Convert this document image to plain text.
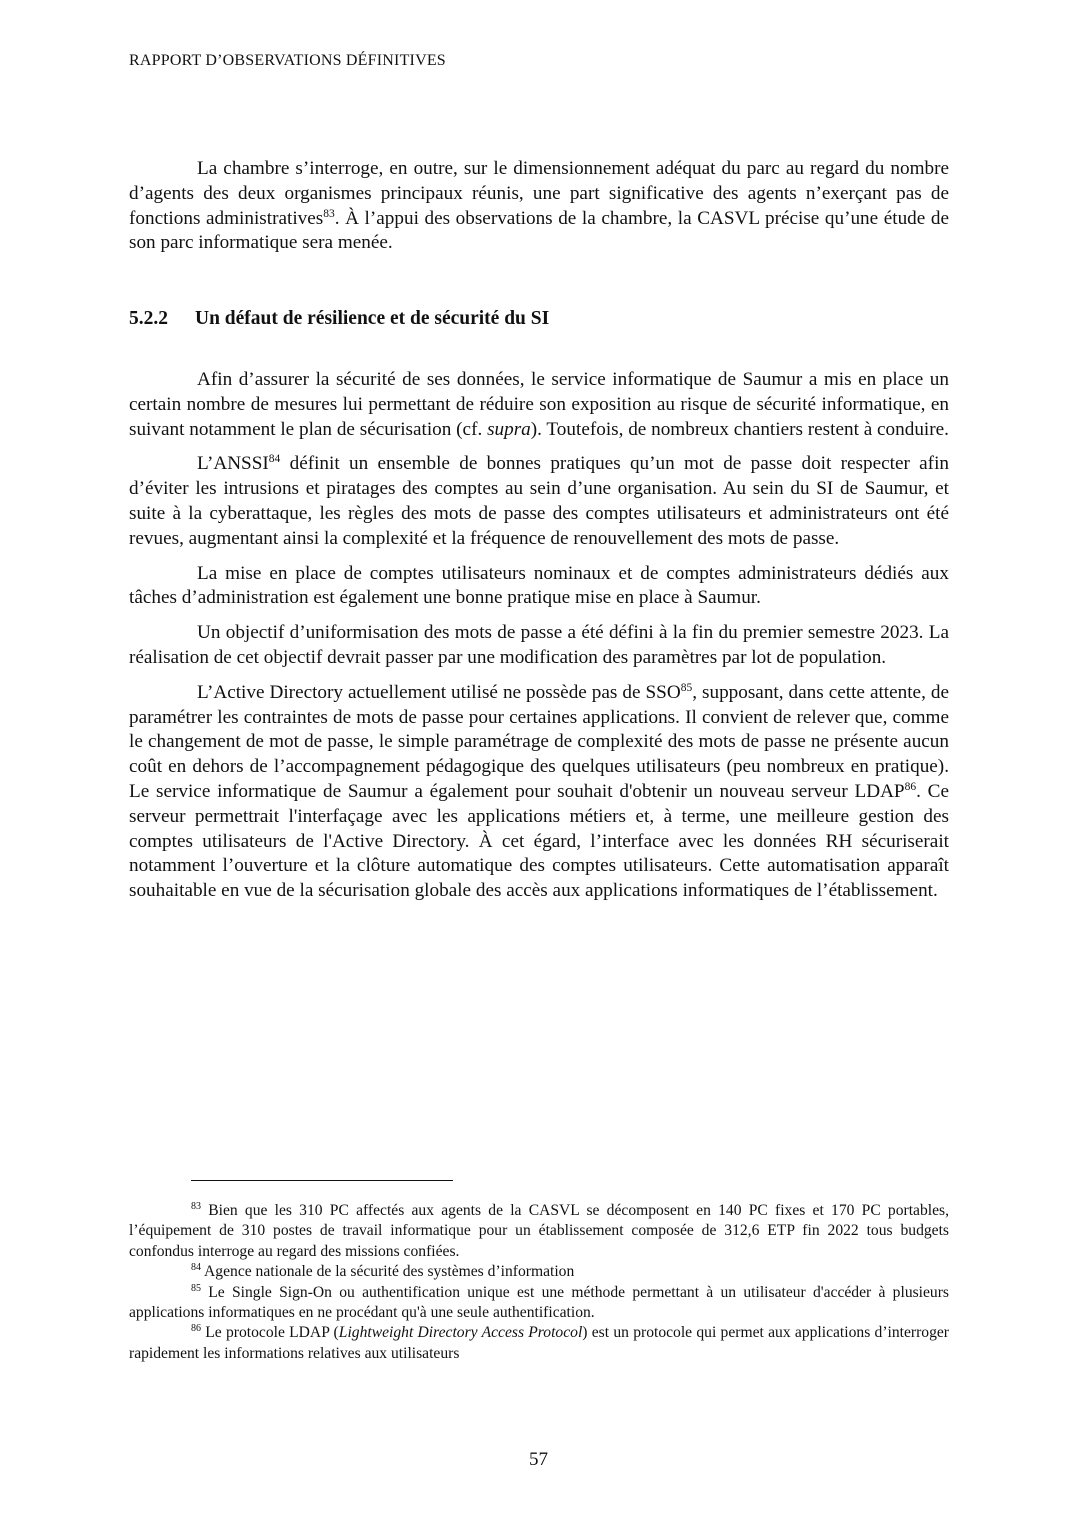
RAPPORT D’OBSERVATIONS DÉFINITIVES

La chambre s’interroge, en outre, sur le dimensionnement adéquat du parc au regard du nombre d’agents des deux organismes principaux réunis, une part significative des agents n’exerçant pas de fonctions administratives$^{83}$. À l’appui des observations de la chambre, la CASVL précise qu’une étude de son parc informatique sera menée.

5.2.2 Un défaut de résilience et de sécurité du SI

Afin d’assurer la sécurité de ses données, le service informatique de Saumur a mis en place un certain nombre de mesures lui permettant de réduire son exposition au risque de sécurité informatique, en suivant notamment le plan de sécurisation (cf. supra). Toutefois, de nombreux chantiers restent à conduire.

L’ANSSI$^{84}$ définit un ensemble de bonnes pratiques qu’un mot de passe doit respecter afin d’éviter les intrusions et piratages des comptes au sein d’une organisation. Au sein du SI de Saumur, et suite à la cyberattaque, les règles des mots de passe des comptes utilisateurs et administrateurs ont été revues, augmentant ainsi la complexité et la fréquence de renouvellement des mots de passe.

La mise en place de comptes utilisateurs nominaux et de comptes administrateurs dédiés aux tâches d’administration est également une bonne pratique mise en place à Saumur.

Un objectif d’uniformisation des mots de passe a été défini à la fin du premier semestre 2023. La réalisation de cet objectif devrait passer par une modification des paramètres par lot de population.

L’Active Directory actuellement utilisé ne possède pas de SSO$^{85}$, supposant, dans cette attente, de paramétrer les contraintes de mots de passe pour certaines applications. Il convient de relever que, comme le changement de mot de passe, le simple paramétrage de complexité des mots de passe ne présente aucun coût en dehors de l’accompagnement pédagogique des quelques utilisateurs (peu nombreux en pratique). Le service informatique de Saumur a également pour souhait d'obtenir un nouveau serveur LDAP$^{86}$. Ce serveur permettrait l'interfaçage avec les applications métiers et, à terme, une meilleure gestion des comptes utilisateurs de l'Active Directory. À cet égard, l’interface avec les données RH sécuriserait notamment l’ouverture et la clôture automatique des comptes utilisateurs. Cette automatisation apparaît souhaitable en vue de la sécurisation globale des accès aux applications informatiques de l’établissement.

$^{83}$ Bien que les 310 PC affectés aux agents de la CASVL se décomposent en 140 PC fixes et 170 PC portables, l’équipement de 310 postes de travail informatique pour un établissement composée de 312,6 ETP fin 2022 tous budgets confondus interroge au regard des missions confiées.

$^{84}$ Agence nationale de la sécurité des systèmes d’information

$^{85}$ Le Single Sign-On ou authentification unique est une méthode permettant à un utilisateur d'accéder à plusieurs applications informatiques en ne procédant qu'à une seule authentification.

$^{86}$ Le protocole LDAP (Lightweight Directory Access Protocol) est un protocole qui permet aux applications d’interroger rapidement les informations relatives aux utilisateurs

57
